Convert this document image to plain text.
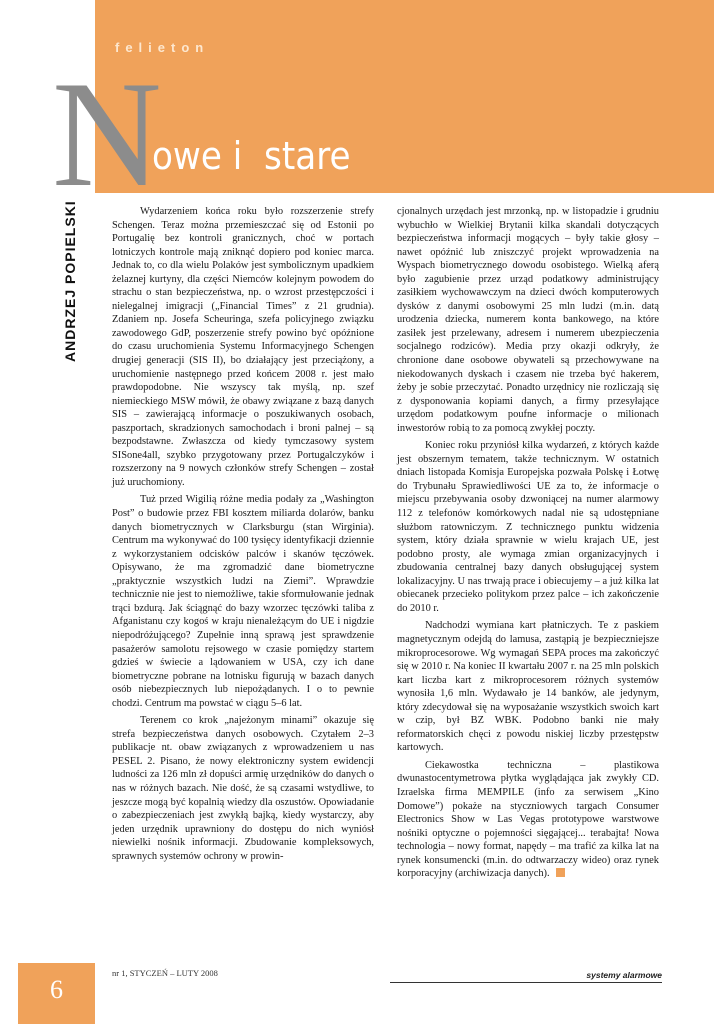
felieton
N
owe i  stare
ANDRZEJ POPIELSKI	Wydarzeniem końca roku było rozszerzenie strefy Schengen. Teraz można przemieszczać się od Estonii po Portugalię bez kontroli granicznych, choć w portach lotniczych kontrole mają zniknąć dopiero pod koniec marca. Jednak to, co dla wielu Polaków jest symbolicznym upadkiem żelaznej kurtyny, dla części Niemców kolejnym powodem do strachu o stan bezpieczeństwa, np. o wzrost przestępczości i nielegalnej imigracji („Financial Times” z 21 grudnia). Zdaniem np. Josefa Scheuringa, szefa policyjnego związku zawodowego GdP, poszerzenie strefy powino być opóźnione do czasu uruchomienia Systemu Informacyjnego Schengen drugiej generacji (SIS II), bo działający jest przeciążony, a uruchomienie następnego przed końcem 2008 r. jest mało prawdopodobne. Nie wszyscy tak myślą, np. szef niemieckiego MSW mówił, że obawy związane z bazą danych SIS – zawierającą informacje o poszukiwanych osobach, paszportach, skradzionych samochodach i broni palnej – są bezpodstawne. Zwłaszcza od kiedy tymczasowy system SISone4all, szybko przygotowany przez Portugalczyków i rozszerzony na 9 nowych członków strefy Schengen – został już uruchomiony.

Tuż przed Wigilią różne media podały za „Washington Post” o budowie przez FBI kosztem miliarda dolarów, banku danych biometrycznych w Clarksburgu (stan Wirginia). Centrum ma wykonywać do 100 tysięcy identyfikacji dziennie z wykorzystaniem odcisków palców i skanów tęczówek. Opisywano, że ma zgromadzić dane biometryczne „praktycznie wszystkich ludzi na Ziemi”. Wprawdzie technicznie nie jest to niemożliwe, takie sformułowanie jednak trąci bzdurą. Jak ściągnąć do bazy wzorzec tęczówki taliba z Afganistanu czy kogoś w kraju nienależącym do UE i nigdzie niepodróżującego? Zupełnie inną sprawą jest sprawdzenie pasażerów samolotu rejsowego w czasie pomiędzy startem gdzieś w świecie a lądowaniem w USA, czy ich dane biometryczne pobrane na lotnisku figurują w bazach danych osób niebezpiecznych lub niepożądanych. I o to pewnie chodzi. Centrum ma powstać w ciągu 5–6 lat.

Terenem co krok „najeżonym minami” okazuje się strefa bezpieczeństwa danych osobowych. Czytałem 2–3 publikacje nt. obaw związanych z wprowadzeniem u nas PESEL 2. Pisano, że nowy elektroniczny system ewidencji ludności za 126 mln zł dopuści armię urzędników do danych o nas w różnych bazach. Nie dość, że są czasami wstydliwe, to jeszcze mogą być kopalnią wiedzy dla oszustów. Opowiadanie o zabezpieczeniach jest zwykłą bajką, kiedy wystarczy, aby jeden urzędnik uprawniony do dostępu do nich wyniósł niewielki nośnik informacji. Zbudowanie kompleksowych, sprawnych systemów ochrony w prowin-

cjonalnych urzędach jest mrzonką, np. w listopadzie i grudniu wybuchło w Wielkiej Brytanii kilka skandali dotyczących bezpieczeństwa informacji mogących – były takie głosy – nawet opóźnić lub zniszczyć projekt wprowadzenia na Wyspach biometrycznego dowodu osobistego. Wielką aferą było zagubienie przez urząd podatkowy administrujący zasiłkiem wychowawczym na dzieci dwóch komputerowych dysków z danymi osobowymi 25 mln ludzi (m.in. datą urodzenia dziecka, numerem konta bankowego, na które zasiłek jest przelewany, adresem i numerem ubezpieczenia socjalnego rodziców). Media przy okazji odkryły, że chronione dane osobowe obywateli są przechowywane na niekodowanych dyskach i czasem nie trzeba być hakerem, żeby je sobie przeczytać. Ponadto urzędnicy nie rozliczają się z dysponowania kopiami danych, a firmy przesyłające urzędom podatkowym poufne informacje o milionach inwestorów robią to za pomocą zwykłej poczty.

Koniec roku przyniósł kilka wydarzeń, z których każde jest obszernym tematem, także technicznym. W ostatnich dniach listopada Komisja Europejska pozwała Polskę i Łotwę do Trybunału Sprawiedliwości UE za to, że informacje o miejscu przebywania osoby dzwoniącej na numer alarmowy 112 z telefonów komórkowych nadal nie są udostępniane służbom ratowniczym. Z technicznego punktu widzenia system, który działa sprawnie w wielu krajach UE, jest podobno prosty, ale wymaga zmian organizacyjnych i zbudowania centralnej bazy danych obsługującej system lokalizacyjny. U nas trwają prace i obiecujemy – a już kilka lat obiecanek przecieko politykom przez palce – ich zakończenie do 2010 r.

Nadchodzi wymiana kart płatniczych. Te z paskiem magnetycznym odejdą do lamusa, zastąpią je bezpieczniejsze mikroprocesorowe. Wg wymagań SEPA proces ma zakończyć się w 2010 r. Na koniec II kwartału 2007 r. na 25 mln polskich kart liczba kart z mikroprocesorem różnych systemów wynosiła 1,6 mln. Wydawało je 14 banków, ale jedynym, który zdecydował się na wyposażanie wszystkich swoich kart w czip, był BZ WBK. Podobno banki nie mały reformatorskich chęci z powodu niskiej liczby przestępstw kartowych.

Ciekawostka techniczna – plastikowa dwunastocentymetrowa płytka wyglądająca jak zwykły CD. Izraelska firma MEMPILE (info za serwisem „Kino Domowe”) pokaże na styczniowych targach Consumer Electronics Show w Las Vegas prototypowe warstwowe nośniki optyczne o pojemności sięgającej... terabajta! Nowa technologia – nowy format, napędy – ma trafić za kilka lat na rynek konsumencki (m.in. do odtwarzaczy wideo) oraz rynek korporacyjny (archiwizacja danych).

6
nr 1, STYCZEŃ – LUTY 2008	systemy alarmowe
